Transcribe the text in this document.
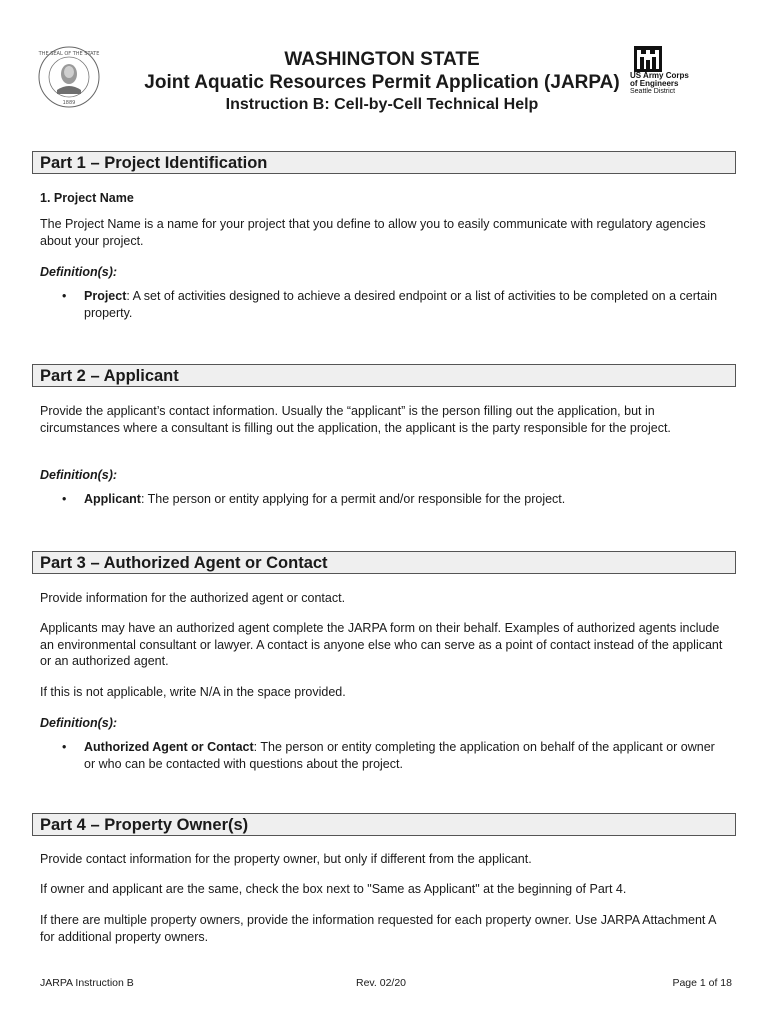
THE SEAL OF THE STATE
1889
US Army Corps
of Engineers
Seattle District
WASHINGTON STATE
Joint Aquatic Resources Permit Application (JARPA)
Instruction B: Cell-by-Cell Technical Help
Part 1 – Project Identification
1. Project Name
The Project Name is a name for your project that you define to allow you to easily communicate with regulatory agencies about your project.
Definition(s):
• Project: A set of activities designed to achieve a desired endpoint or a list of activities to be completed on a certain property.
Part 2 – Applicant
Provide the applicant’s contact information. Usually the “applicant” is the person filling out the application, but in circumstances where a consultant is filling out the application, the applicant is the party responsible for the project.
Definition(s):
• Applicant: The person or entity applying for a permit and/or responsible for the project.
Part 3 – Authorized Agent or Contact
Provide information for the authorized agent or contact.
Applicants may have an authorized agent complete the JARPA form on their behalf. Examples of authorized agents include an environmental consultant or lawyer. A contact is anyone else who can serve as a point of contact instead of the applicant or an authorized agent.
If this is not applicable, write N/A in the space provided.
Definition(s):
• Authorized Agent or Contact: The person or entity completing the application on behalf of the applicant or owner or who can be contacted with questions about the project.
Part 4 – Property Owner(s)
Provide contact information for the property owner, but only if different from the applicant.
If owner and applicant are the same, check the box next to "Same as Applicant" at the beginning of Part 4.
If there are multiple property owners, provide the information requested for each property owner. Use JARPA Attachment A for additional property owners.
JARPA Instruction B	Rev. 02/20	Page 1 of 18
